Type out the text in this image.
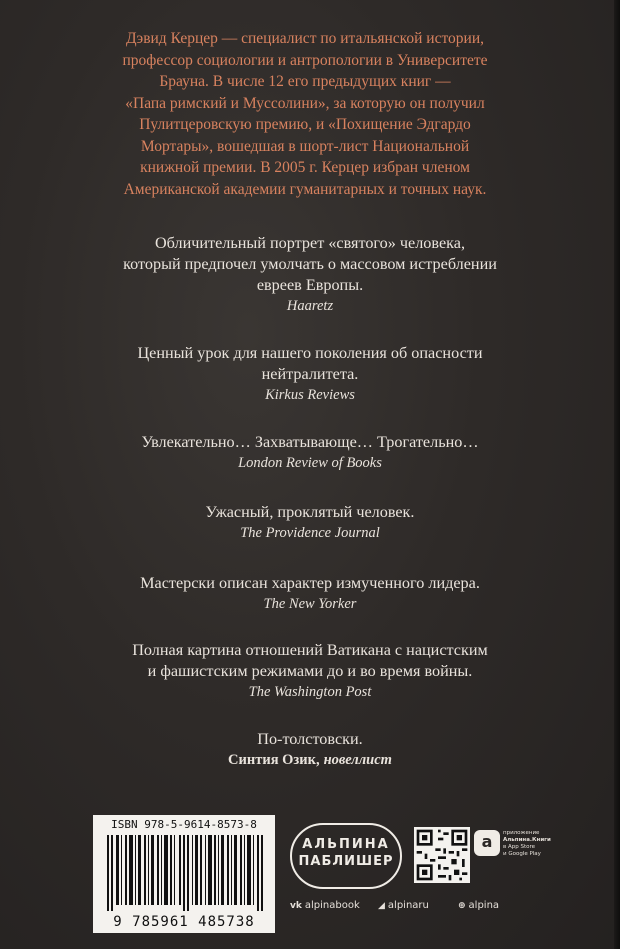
Дэвид Керцер — специалист по итальянской истории,
профессор социологии и антропологии в Университете
Брауна. В числе 12 его предыдущих книг —
«Папа римский и Муссолини», за которую он получил
Пулитцеровскую премию, и «Похищение Эдгардо
Мортары», вошедшая в шорт-лист Национальной
книжной премии. В 2005 г. Керцер избран членом
Американской академии гуманитарных и точных наук.
Обличительный портрет «святого» человека,
который предпочел умолчать о массовом истреблении
евреев Европы.
Haaretz
Ценный урок для нашего поколения об опасности
нейтралитета.
Kirkus Reviews
Увлекательно… Захватывающе… Трогательно…
London Review of Books
Ужасный, проклятый человек.
The Providence Journal
Мастерски описан характер измученного лидера.
The New Yorker
Полная картина отношений Ватикана с нацистским
и фашистским режимами до и во время войны.
The Washington Post
По-толстовски.
Синтия Озик, новеллист
ISBN 978-5-9614-8573-8
9 785961 485738
АЛЬПИНА
ПАБЛИШЕР
a	приложение
Альпина.Книги
в App Store
и Google Play
vk alpinabook ◢ alpinaru	⊕ alpina
